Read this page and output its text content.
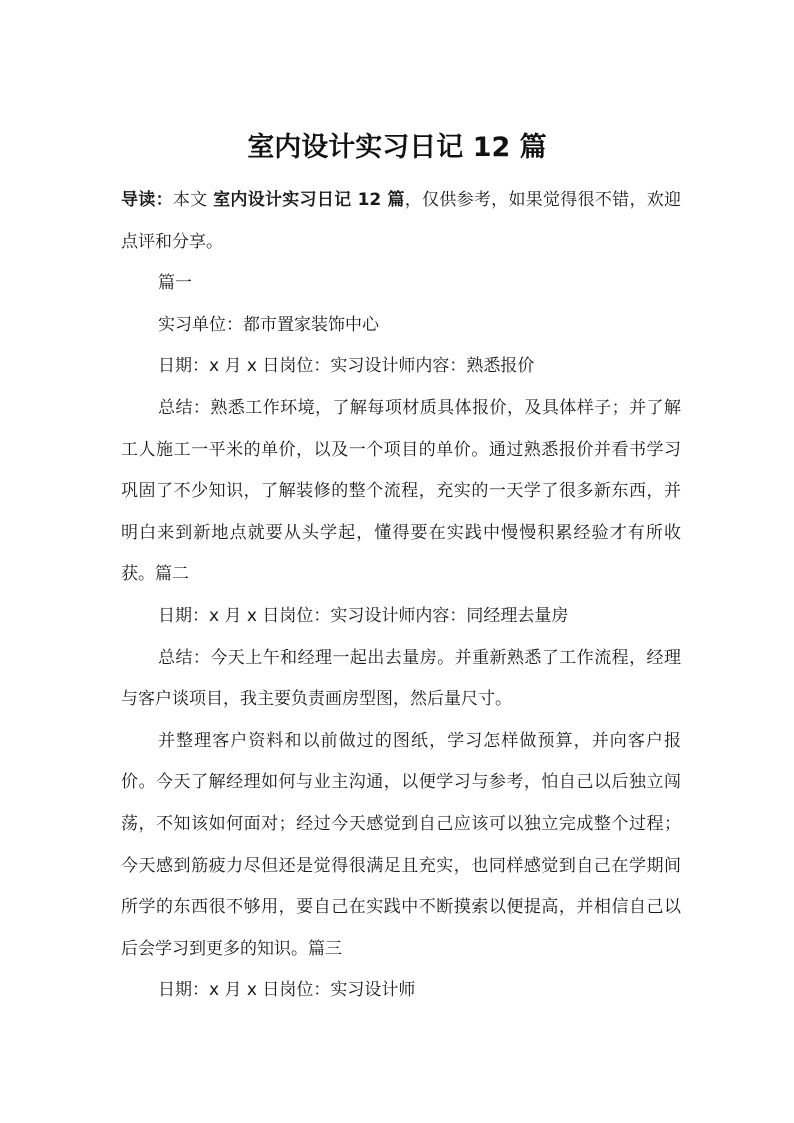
室内设计实习日记 12 篇

导读：本文 室内设计实习日记 12 篇，仅供参考，如果觉得很不错，欢迎点评和分享。

篇一

实习单位：都市置家装饰中心

日期：x 月 x 日岗位：实习设计师内容：熟悉报价

总结：熟悉工作环境，了解每项材质具体报价，及具体样子；并了解工人施工一平米的单价，以及一个项目的单价。通过熟悉报价并看书学习巩固了不少知识，了解装修的整个流程，充实的一天学了很多新东西，并明白来到新地点就要从头学起，懂得要在实践中慢慢积累经验才有所收获。篇二

日期：x 月 x 日岗位：实习设计师内容：同经理去量房

总结：今天上午和经理一起出去量房。并重新熟悉了工作流程，经理与客户谈项目，我主要负责画房型图，然后量尺寸。

并整理客户资料和以前做过的图纸，学习怎样做预算，并向客户报价。今天了解经理如何与业主沟通，以便学习与参考，怕自己以后独立闯荡，不知该如何面对；经过今天感觉到自己应该可以独立完成整个过程；今天感到筋疲力尽但还是觉得很满足且充实，也同样感觉到自己在学期间所学的东西很不够用，要自己在实践中不断摸索以便提高，并相信自己以后会学习到更多的知识。篇三

日期：x 月 x 日岗位：实习设计师
